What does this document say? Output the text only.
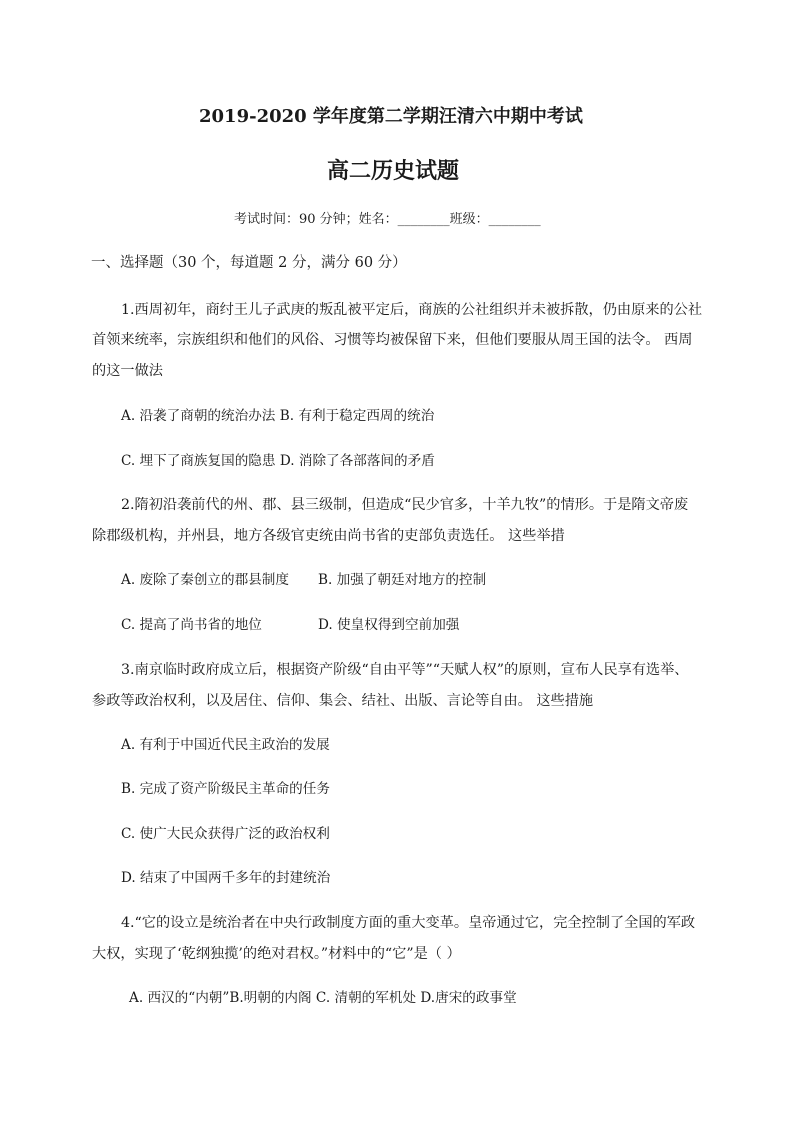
2019-2020 学年度第二学期汪清六中期中考试
高二历史试题
考试时间：90 分钟；姓名：________班级：________
一、选择题（30 个，每道题 2 分，满分 60 分）
1.西周初年，商纣王儿子武庚的叛乱被平定后，商族的公社组织并未被拆散，仍由原来的公社
首领来统率，宗族组织和他们的风俗、习惯等均被保留下来，但他们要服从周王国的法令。 西周
的这一做法
A. 沿袭了商朝的统治办法 B. 有利于稳定西周的统治
C. 埋下了商族复国的隐患 D. 消除了各部落间的矛盾
2.隋初沿袭前代的州、郡、县三级制，但造成“民少官多，十羊九牧”的情形。于是隋文帝废
除郡级机构，并州县，地方各级官吏统由尚书省的吏部负责选任。 这些举措
A. 废除了秦创立的郡县制度 B. 加强了朝廷对地方的控制
C. 提高了尚书省的地位	D. 使皇权得到空前加强
3.南京临时政府成立后，根据资产阶级“自由平等”“天赋人权”的原则，宣布人民享有选举、
参政等政治权利，以及居住、信仰、集会、结社、出版、言论等自由。 这些措施
A. 有利于中国近代民主政治的发展
B. 完成了资产阶级民主革命的任务
C. 使广大民众获得广泛的政治权利
D. 结束了中国两千多年的封建统治
4.“它的设立是统治者在中央行政制度方面的重大变革。皇帝通过它，完全控制了全国的军政
大权，实现了‘乾纲独揽’的绝对君权。”材料中的“它”是（ ）
A. 西汉的“内朝”B.明朝的内阁 C. 清朝的军机处 D.唐宋的政事堂
